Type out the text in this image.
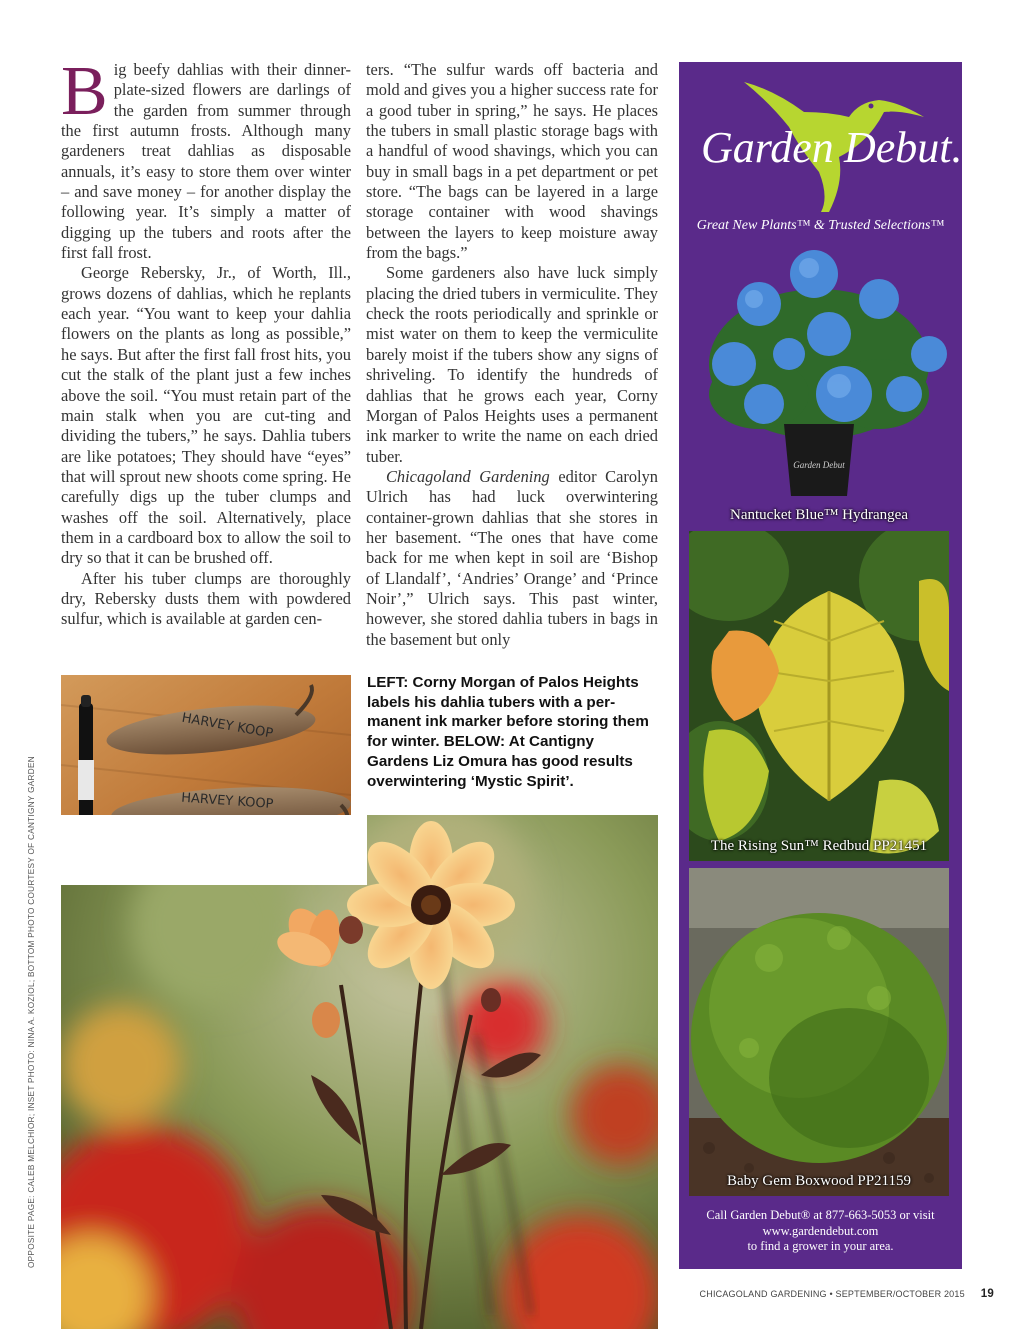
Big beefy dahlias with their dinner-plate-sized flowers are darlings of the garden from summer through the first autumn frosts. Although many gardeners treat dahlias as disposable annuals, it’s easy to store them over winter – and save money – for another display the following year. It’s simply a matter of digging up the tubers and roots after the first fall frost.

George Rebersky, Jr., of Worth, Ill., grows dozens of dahlias, which he replants each year. “You want to keep your dahlia flowers on the plants as long as possible,” he says. But after the first fall frost hits, you cut the stalk of the plant just a few inches above the soil. “You must retain part of the main stalk when you are cut-ting and dividing the tubers,” he says. Dahlia tubers are like potatoes; They should have “eyes” that will sprout new shoots come spring. He carefully digs up the tuber clumps and washes off the soil. Alternatively, place them in a cardboard box to allow the soil to dry so that it can be brushed off.

After his tuber clumps are thoroughly dry, Rebersky dusts them with powdered sulfur, which is available at garden cen-

ters. “The sulfur wards off bacteria and mold and gives you a higher success rate for a good tuber in spring,” he says. He places the tubers in small plastic storage bags with a handful of wood shavings, which you can buy in small bags in a pet department or pet store. “The bags can be layered in a large storage container with wood shavings between the layers to keep moisture away from the bags.”

Some gardeners also have luck simply placing the dried tubers in vermiculite. They check the roots periodically and sprinkle or mist water on them to keep the vermiculite barely moist if the tubers show any signs of shriveling. To identify the hundreds of dahlias that he grows each year, Corny Morgan of Palos Heights uses a permanent ink marker to write the name on each dried tuber.

Chicagoland Gardening editor Carolyn Ulrich has had luck overwintering container-grown dahlias that she stores in her basement. “The ones that have come back for me when kept in soil are ‘Bishop of Llandalf’, ‘Andries’ Orange’ and ‘Prince Noir’,” Ulrich says. This past winter, however, she stored dahlia tubers in bags in the basement but only

LEFT: Corny Morgan of Palos Heights labels his dahlia tubers with a per-manent ink marker before storing them for winter. BELOW: At Cantigny Gardens Liz Omura has good results overwintering ‘Mystic Spirit’.
OPPOSITE PAGE: CALEB MELCHIOR; INSET PHOTO: NINA A. KOZIOL; BOTTOM PHOTO COURTESY OF CANTIGNY GARDEN
HARVEY KOOP
HARVEY KOOP
Garden Debut.
Great New Plants™ & Trusted Selections™
Garden Debut
Nantucket Blue™ Hydrangea
The Rising Sun™ Redbud PP21451
Baby Gem Boxwood PP21159
Call Garden Debut® at 877-663-5053 or visit
www.gardendebut.com
to find a grower in your area.
CHICAGOLAND GARDENING • SEPTEMBER/OCTOBER 2015 19
